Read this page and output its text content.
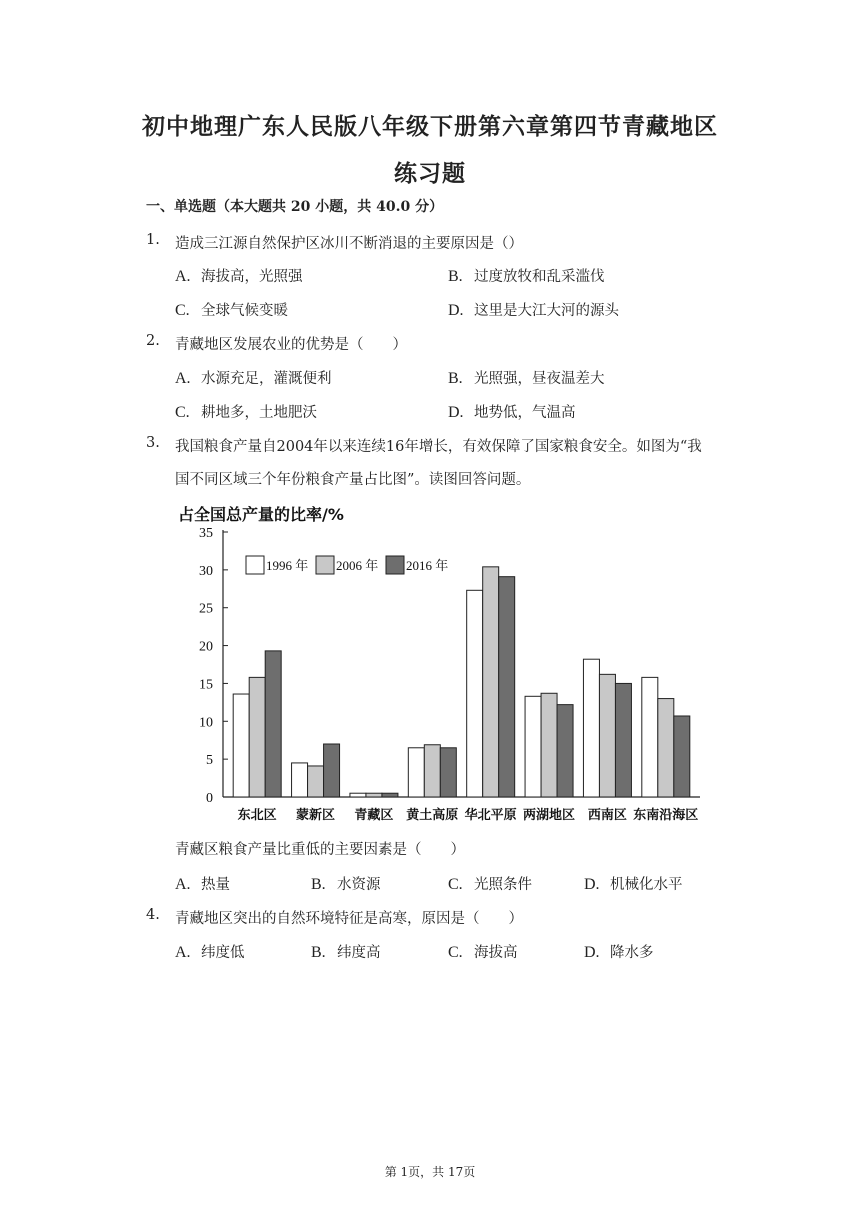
初中地理广东人民版八年级下册第六章第四节青藏地区
练习题
一、单选题（本大题共 20 小题，共 40.0 分）
1. 造成三江源自然保护区冰川不断消退的主要原因是（）
A. 海拔高，光照强	B. 过度放牧和乱采滥伐
C. 全球气候变暖	D. 这里是大江大河的源头
2. 青藏地区发展农业的优势是（　　）
A. 水源充足，灌溉便利	B. 光照强，昼夜温差大
C. 耕地多，土地肥沃	D. 地势低，气温高
3. 我国粮食产量自2004年以来连续16年增长，有效保障了国家粮食安全。如图为“我
国不同区域三个年份粮食产量占比图”。读图回答问题。
占全国总产量的比率/%
0
5
10
15
20
25
30
35
东北区 蒙新区 青藏区 黄土高原 华北平原 两湖地区 西南区 东南沿海区
1996 年 2006 年 2016 年
青藏区粮食产量比重低的主要因素是（　　）
A. 热量	B. 水资源	C. 光照条件	D. 机械化水平
4. 青藏地区突出的自然环境特征是高寒，原因是（　　）
A. 纬度低	B. 纬度高	C. 海拔高	D. 降水多
第 1页，共 17页
